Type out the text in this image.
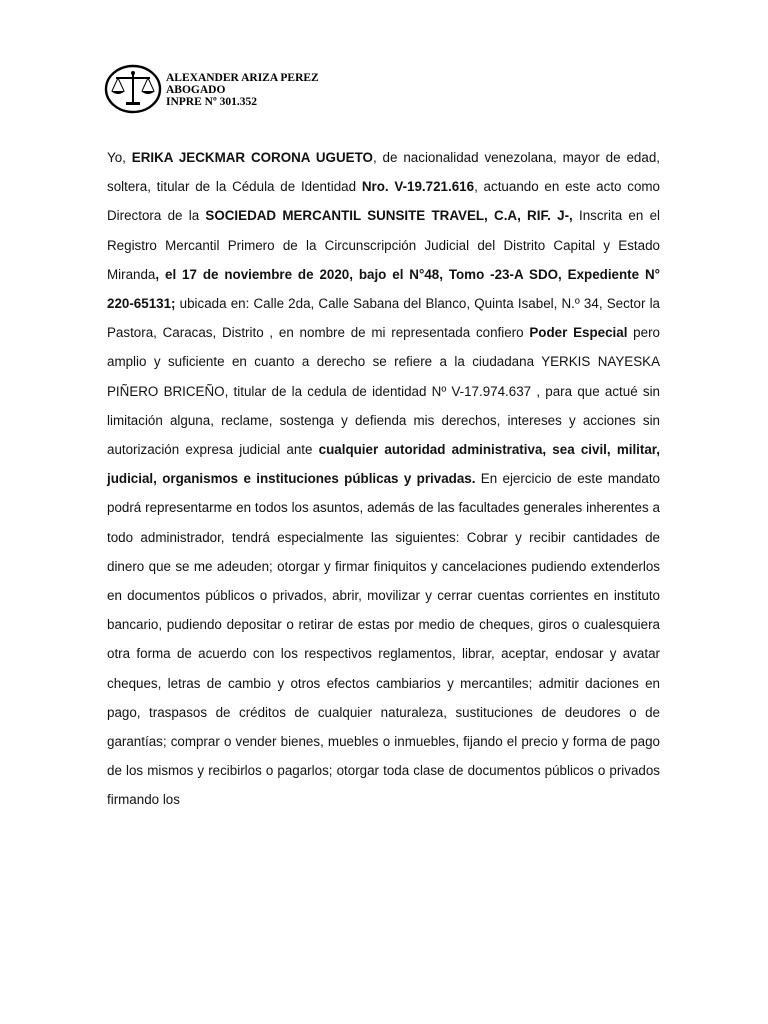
ALEXANDER ARIZA PEREZ
ABOGADO
INPRE Nº 301.352

Yo, ERIKA JECKMAR CORONA UGUETO, de nacionalidad venezolana, mayor de edad, soltera, titular de la Cédula de Identidad Nro. V-19.721.616, actuando en este acto como Directora de la SOCIEDAD MERCANTIL SUNSITE TRAVEL, C.A, RIF. J-, Inscrita en el Registro Mercantil Primero de la Circunscripción Judicial del Distrito Capital y Estado Miranda, el 17 de noviembre de 2020, bajo el N°48, Tomo -23-A SDO, Expediente N° 220-65131; ubicada en: Calle 2da, Calle Sabana del Blanco, Quinta Isabel, N.º 34, Sector la Pastora, Caracas, Distrito , en nombre de mi representada confiero Poder Especial pero amplio y suficiente en cuanto a derecho se refiere a la ciudadana YERKIS NAYESKA PIÑERO BRICEÑO, titular de la cedula de identidad Nº V-17.974.637 , para que actué sin limitación alguna, reclame, sostenga y defienda mis derechos, intereses y acciones sin autorización expresa judicial ante cualquier autoridad administrativa, sea civil, militar, judicial, organismos e instituciones públicas y privadas. En ejercicio de este mandato podrá representarme en todos los asuntos, además de las facultades generales inherentes a todo administrador, tendrá especialmente las siguientes: Cobrar y recibir cantidades de dinero que se me adeuden; otorgar y firmar finiquitos y cancelaciones pudiendo extenderlos en documentos públicos o privados, abrir, movilizar y cerrar cuentas corrientes en instituto bancario, pudiendo depositar o retirar de estas por medio de cheques, giros o cualesquiera otra forma de acuerdo con los respectivos reglamentos, librar, aceptar, endosar y avatar cheques, letras de cambio y otros efectos cambiarios y mercantiles; admitir daciones en pago, traspasos de créditos de cualquier naturaleza, sustituciones de deudores o de garantías; comprar o vender bienes, muebles o inmuebles, fijando el precio y forma de pago de los mismos y recibirlos o pagarlos; otorgar toda clase de documentos públicos o privados firmando los
